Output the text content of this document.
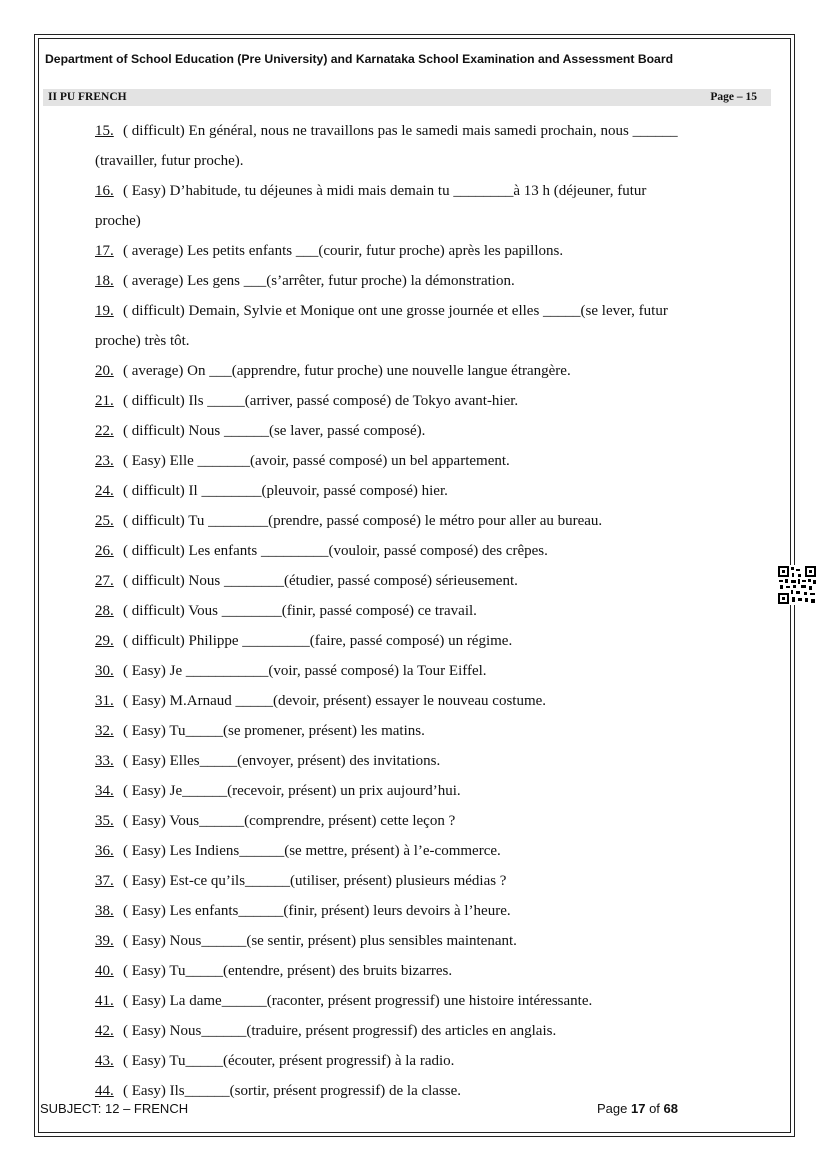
Department of School Education (Pre University) and Karnataka School Examination and Assessment Board
II PU FRENCH	Page – 15
15. ( difficult) En général, nous ne travaillons pas le samedi mais samedi prochain, nous ______
(travailler, futur proche).
16. ( Easy) D’habitude, tu déjeunes à midi mais demain tu ________à 13 h (déjeuner, futur
proche)
17. ( average) Les petits enfants ___(courir, futur proche) après les papillons.
18. ( average) Les gens ___(s’arrêter, futur proche) la démonstration.
19. ( difficult) Demain, Sylvie et Monique ont une grosse journée et elles _____(se lever, futur
proche) très tôt.
20. ( average) On ___(apprendre, futur proche) une nouvelle langue étrangère.
21. ( difficult) Ils _____(arriver, passé composé) de Tokyo avant-hier.
22. ( difficult) Nous ______(se laver, passé composé).
23. ( Easy) Elle _______(avoir, passé composé) un bel appartement.
24. ( difficult) Il ________(pleuvoir, passé composé) hier.
25. ( difficult) Tu ________(prendre, passé composé) le métro pour aller au bureau.
26. ( difficult) Les enfants _________(vouloir, passé composé) des crêpes.
27. ( difficult) Nous ________(étudier, passé composé) sérieusement.
28. ( difficult) Vous ________(finir, passé composé) ce travail.
29. ( difficult) Philippe _________(faire, passé composé) un régime.
30. ( Easy) Je ___________(voir, passé composé) la Tour Eiffel.
31. ( Easy) M.Arnaud _____(devoir, présent) essayer le nouveau costume.
32. ( Easy) Tu_____(se promener, présent) les matins.
33. ( Easy) Elles_____(envoyer, présent) des invitations.
34. ( Easy) Je______(recevoir, présent) un prix aujourd’hui.
35. ( Easy) Vous______(comprendre, présent) cette leçon ?
36. ( Easy) Les Indiens______(se mettre, présent) à l’e-commerce.
37. ( Easy) Est-ce qu’ils______(utiliser, présent) plusieurs médias ?
38. ( Easy) Les enfants______(finir, présent) leurs devoirs à l’heure.
39. ( Easy) Nous______(se sentir, présent) plus sensibles maintenant.
40. ( Easy) Tu_____(entendre, présent) des bruits bizarres.
41. ( Easy) La dame______(raconter, présent progressif) une histoire intéressante.
42. ( Easy) Nous______(traduire, présent progressif) des articles en anglais.
43. ( Easy) Tu_____(écouter, présent progressif) à la radio.
44. ( Easy) Ils______(sortir, présent progressif) de la classe.
SUBJECT: 12 – FRENCH	Page 17 of 68
